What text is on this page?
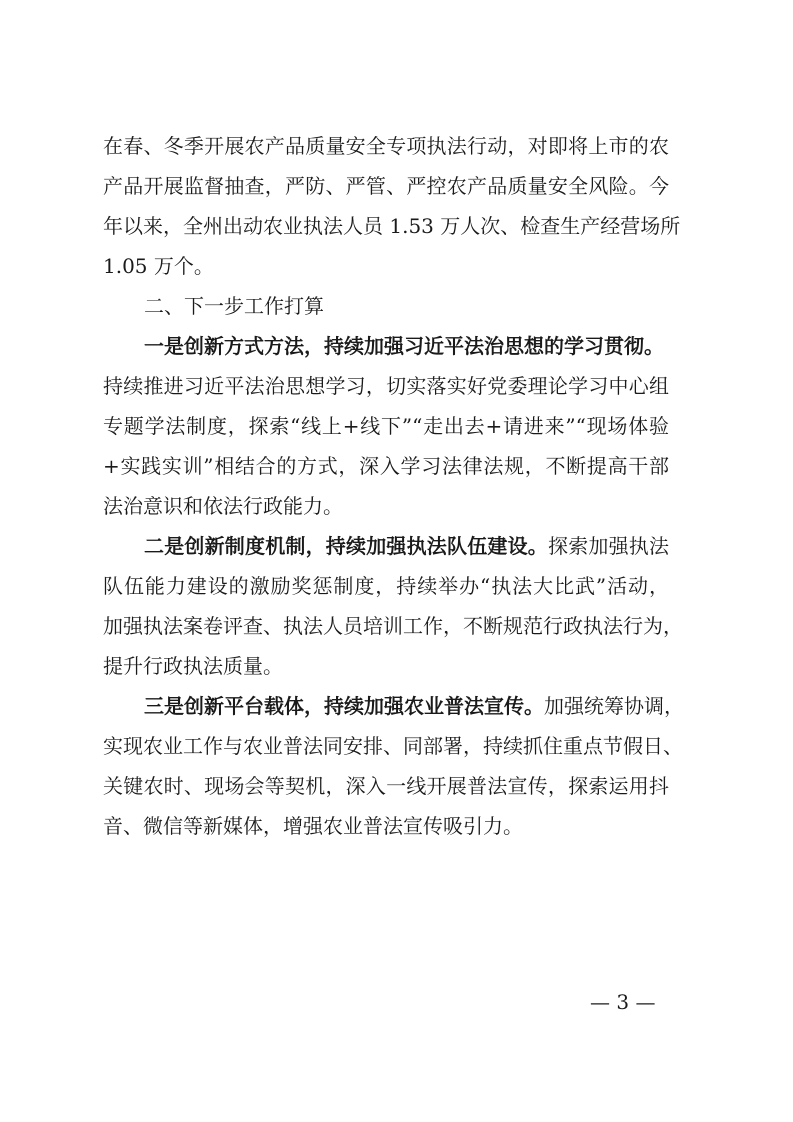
在春、冬季开展农产品质量安全专项执法行动，对即将上市的农
产品开展监督抽查，严防、严管、严控农产品质量安全风险。今
年以来，全州出动农业执法人员 1.53 万人次、检查生产经营场所
1.05 万个。
二、下一步工作打算
一是创新方式方法，持续加强习近平法治思想的学习贯彻。
持续推进习近平法治思想学习，切实落实好党委理论学习中心组
专题学法制度，探索“线上+线下”“走出去+请进来”“现场体验
+实践实训”相结合的方式，深入学习法律法规，不断提高干部
法治意识和依法行政能力。
二是创新制度机制，持续加强执法队伍建设。探索加强执法
队伍能力建设的激励奖惩制度，持续举办“执法大比武”活动，
加强执法案卷评查、执法人员培训工作，不断规范行政执法行为，
提升行政执法质量。
三是创新平台载体，持续加强农业普法宣传。加强统筹协调，
实现农业工作与农业普法同安排、同部署，持续抓住重点节假日、
关键农时、现场会等契机，深入一线开展普法宣传，探索运用抖
音、微信等新媒体，增强农业普法宣传吸引力。
— 3 —
